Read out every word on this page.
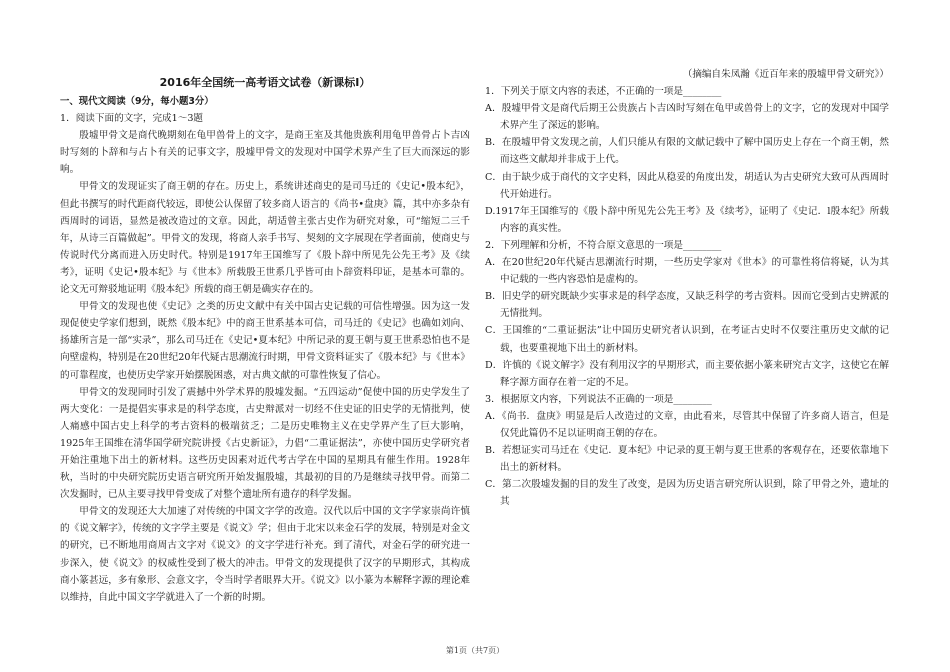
2016年全国统一高考语文试卷（新课标Ⅰ）

一、现代文阅读（9分，每小题3分）

1．阅读下面的文字，完成1～3题

殷墟甲骨文是商代晚期刻在龟甲兽骨上的文字，是商王室及其他贵族利用龟甲兽骨占卜吉凶时写刻的卜辞和与占卜有关的记事文字，殷墟甲骨文的发现对中国学术界产生了巨大而深远的影响。

甲骨文的发现证实了商王朝的存在。历史上，系统讲述商史的是司马迁的《史记•殷本纪》，但此书撰写的时代距商代较远，即使公认保留了较多商人语言的《尚书•盘庚》篇，其中亦多杂有西周时的词语，显然是被改造过的文章。因此，胡适曾主张古史作为研究对象，可“缩短二三千年，从诗三百篇做起”。甲骨文的发现，将商人亲手书写、契刻的文字展现在学者面前，使商史与传说时代分离而进入历史时代。特别是1917年王国维写了《殷卜辞中所见先公先王考》及《续考》，证明《史记•殷本纪》与《世本》所载殷王世系几乎皆可由卜辞资料印证，是基本可靠的。论文无可辩驳地证明《殷本纪》所载的商王朝是确实存在的。

甲骨文的发现也使《史记》之类的历史文献中有关中国古史记载的可信性增强。因为这一发现促使史学家们想到，既然《殷本纪》中的商王世系基本可信，司马迁的《史记》也确如刘向、扬雄所言是一部“实录”，那么司马迁在《史记•夏本纪》中所记录的夏王朝与夏王世系恐怕也不是向壁虚构，特别是在20世纪20年代疑古思潮流行时期，甲骨文资料证实了《殷本纪》与《世本》的可靠程度，也使历史学家开始摆脱困惑，对古典文献的可靠性恢复了信心。

甲骨文的发现同时引发了震撼中外学术界的殷墟发掘。“五四运动”促使中国的历史学发生了两大变化：一是提倡实事求是的科学态度，古史辩派对一切经不住史证的旧史学的无情批判，使人痛感中国古史上科学的考古资料的极端贫乏；二是历史唯物主义在史学界产生了巨大影响，1925年王国维在清华国学研究院讲授《古史新证》，力倡“二重证据法”，亦使中国历史学研究者开始注重地下出土的新材料。这些历史因素对近代考古学在中国的星期具有催生作用。1928年秋，当时的中央研究院历史语言研究所开始发掘殷墟，其最初的目的乃是继续寻找甲骨。而第二次发掘时，已从主要寻找甲骨变成了对整个遗址所有遗存的科学发掘。

甲骨文的发现还大大加速了对传统的中国文字学的改造。汉代以后中国的文字学家崇尚许慎的《说文解字》，传统的文字学主要是《说文》学；但由于北宋以来金石学的发展，特别是对金文的研究，已不断地用商周古文字对《说文》的文字学进行补充。到了清代，对金石学的研究进一步深入，使《说文》的权威性受到了极大的冲击。甲骨文的发现提供了汉字的早期形式，其构成商小篆甚远，多有象形、会意文字，令当时学者眼界大开。《说文》以小篆为本解释字源的理论难以维持，自此中国文字学就进入了一个新的时期。

（摘编自朱凤瀚《近百年来的殷墟甲骨文研究》）

1．下列关于原文内容的表述，不正确的一项是________

A．殷墟甲骨文是商代后期王公贵族占卜吉凶时写刻在龟甲或兽骨上的文字，它的发现对中国学术界产生了深远的影响。

B．在殷墟甲骨文发现之前，人们只能从有限的文献记载中了解中国历史上存在一个商王朝，然而这些文献却并非成于上代。

C．由于缺少成于商代的文字史料，因此从稳妥的角度出发，胡适认为古史研究大致可从西周时代开始进行。

D.1917年王国维写的《殷卜辞中所见先公先王考》及《续考》，证明了《史记．l殷本纪》所载内容的真实性。

2．下列理解和分析，不符合原文意思的一项是________

A．在20世纪20年代疑古思潮流行时期，一些历史学家对《世本》的可靠性将信将疑，认为其中记载的一些内容恐怕是虚构的。

B．旧史学的研究既缺少实事求是的科学态度，又缺乏科学的考古资料。因而它受到古史辨派的无情批判。

C．王国维的“二重证据法”让中国历史研究者认识到，在考证古史时不仅要注重历史文献的记载，也要重视地下出土的新材料。

D．许慎的《说文解字》没有利用汉字的早期形式，而主要依据小篆来研究古文字，这使它在解释字源方面存在着一定的不足。

3．根据原文内容，下列说法不正确的一项是________

A．《尚书．盘庚》明显是后人改造过的文章，由此看来，尽管其中保留了许多商人语言，但是仅凭此篇仍不足以证明商王朝的存在。

B．若想证实司马迁在《史记．夏本纪》中记录的夏王朝与夏王世系的客观存在，还要依靠地下出土的新材料。

C．第二次殷墟发掘的目的发生了改变，是因为历史语言研究所认识到，除了甲骨之外，遗址的其

第1页（共7页）
